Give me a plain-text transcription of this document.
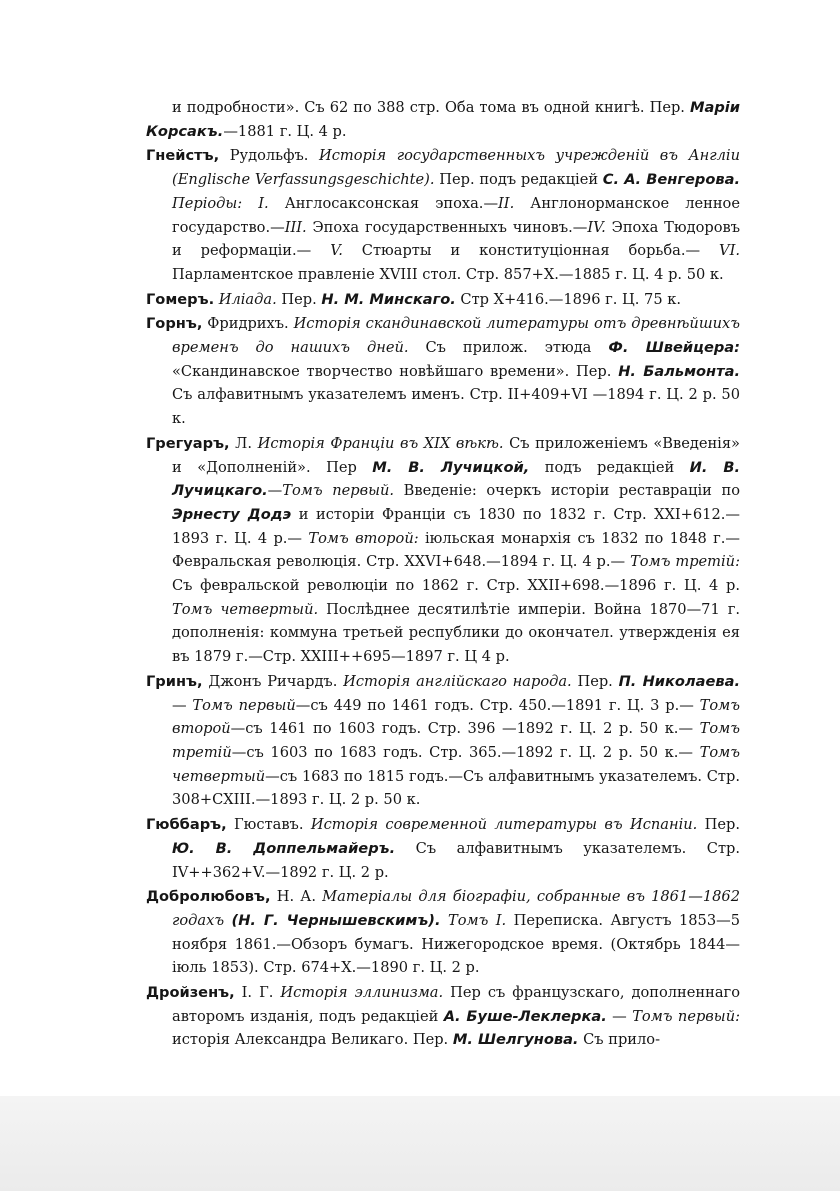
и подробности». Съ 62 по 388 стр. Оба тома въ одной книгѣ. Пер. Маріи Корсакъ.—1881 г. Ц. 4 р.

Гнейстъ, Рудольфъ. Исторія государственныхъ учрежденій въ Англіи (Englische Verfassungsgeschichte). Пер. подъ редакціей С. А. Венгерова. Періоды: I. Англосаксонская эпоха.—II. Англонорманское ленное государство.—III. Эпоха государственныхъ чиновъ.—IV. Эпоха Тюдоровъ и реформаціи.— V. Стюарты и конституціонная борьба.— VI. Парламентское правленіе XVIII стол. Стр. 857+X.—1885 г. Ц. 4 р. 50 к.

Гомеръ. Иліада. Пер. Н. М. Минскаго. Стр X+416.—1896 г. Ц. 75 к.

Горнъ, Фридрихъ. Исторія скандинавской литературы отъ древнѣйшихъ временъ до нашихъ дней. Съ прилож. этюда Ф. Швейцера: «Скандинавское творчество новѣйшаго времени». Пер. Н. Бальмонта. Съ алфавитнымъ указателемъ именъ. Стр. II+409+VI —1894 г. Ц. 2 р. 50 к.

Грегуаръ, Л. Исторія Франціи въ XIX вѣкѣ. Съ приложеніемъ «Введенія» и «Дополненій». Пер М. В. Лучицкой, подъ редакціей И. В. Лучицкаго.—Томъ первый. Введеніе: очеркъ исторіи реставраціи по Эрнесту Додэ и исторіи Франціи съ 1830 по 1832 г. Стр. XXI+612.—1893 г. Ц. 4 р.— Томъ второй: іюльская монархія съ 1832 по 1848 г.—Февральская революція. Стр. XXVI+648.—1894 г. Ц. 4 р.— Томъ третій: Съ февральской революціи по 1862 г. Стр. XXII+698.—1896 г. Ц. 4 р. Томъ четвертый. Послѣднее десятилѣтіе имперіи. Война 1870—71 г. дополненія: коммуна третьей республики до окончател. утвержденія ея въ 1879 г.—Стр. XXIII++695—1897 г. Ц 4 р.

Гринъ, Джонъ Ричардъ. Исторія англійскаго народа. Пер. П. Николаева.— Томъ первый—съ 449 по 1461 годъ. Стр. 450.—1891 г. Ц. 3 р.— Томъ второй—съ 1461 по 1603 годъ. Стр. 396 —1892 г. Ц. 2 р. 50 к.— Томъ третій—съ 1603 по 1683 годъ. Стр. 365.—1892 г. Ц. 2 р. 50 к.— Томъ четвертый—съ 1683 по 1815 годъ.—Съ алфавитнымъ указателемъ. Стр. 308+CXIII.—1893 г. Ц. 2 р. 50 к.

Гюббаръ, Гюставъ. Исторія современной литературы въ Испаніи. Пер. Ю. В. Доппельмайеръ. Съ алфавитнымъ указателемъ. Стр. IV++362+V.—1892 г. Ц. 2 р.

Добролюбовъ, Н. А. Матеріалы для біографіи, собранные въ 1861—1862 годахъ (Н. Г. Чернышевскимъ). Томъ I. Переписка. Августъ 1853—5 ноября 1861.—Обзоръ бумагъ. Нижегородское время. (Октябрь 1844—іюль 1853). Стр. 674+X.—1890 г. Ц. 2 р.

Дройзенъ, I. Г. Исторія эллинизма. Пер съ французскаго, дополненнаго авторомъ изданія, подъ редакціей А. Буше-Леклерка. — Томъ первый: исторія Александра Великаго. Пер. М. Шелгунова. Съ прило-
